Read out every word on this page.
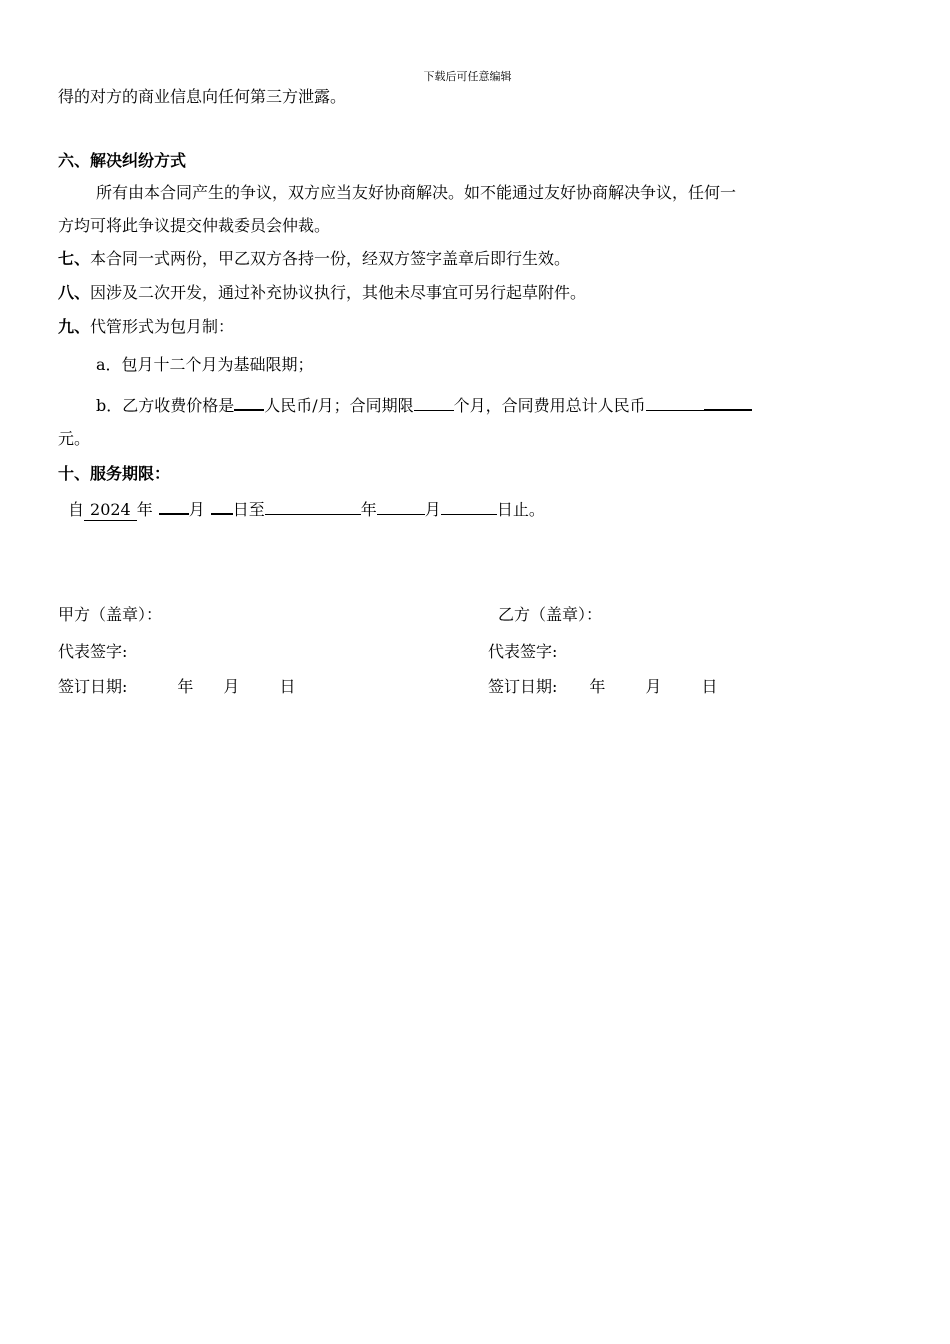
下载后可任意编辑
得的对方的商业信息向任何第三方泄露。
六、解决纠纷方式
所有由本合同产生的争议，双方应当友好协商解决。如不能通过友好协商解决争议，任何一
方均可将此争议提交仲裁委员会仲裁。
七、本合同一式两份，甲乙双方各持一份，经双方签字盖章后即行生效。
八、因涉及二次开发，通过补充协议执行，其他未尽事宜可另行起草附件。
九、代管形式为包月制：
a．包月十二个月为基础限期；
b．乙方收费价格是 人民币/月；合同期限	个月，合同费用总计人民币
元。
十、服务期限：
自 2024 年 月 日至	年	月	日止。
甲方（盖章）：
代表签字:
签订日期:	年 月	日
乙方（盖章）：
代表签字:
签订日期: 年	月	日
